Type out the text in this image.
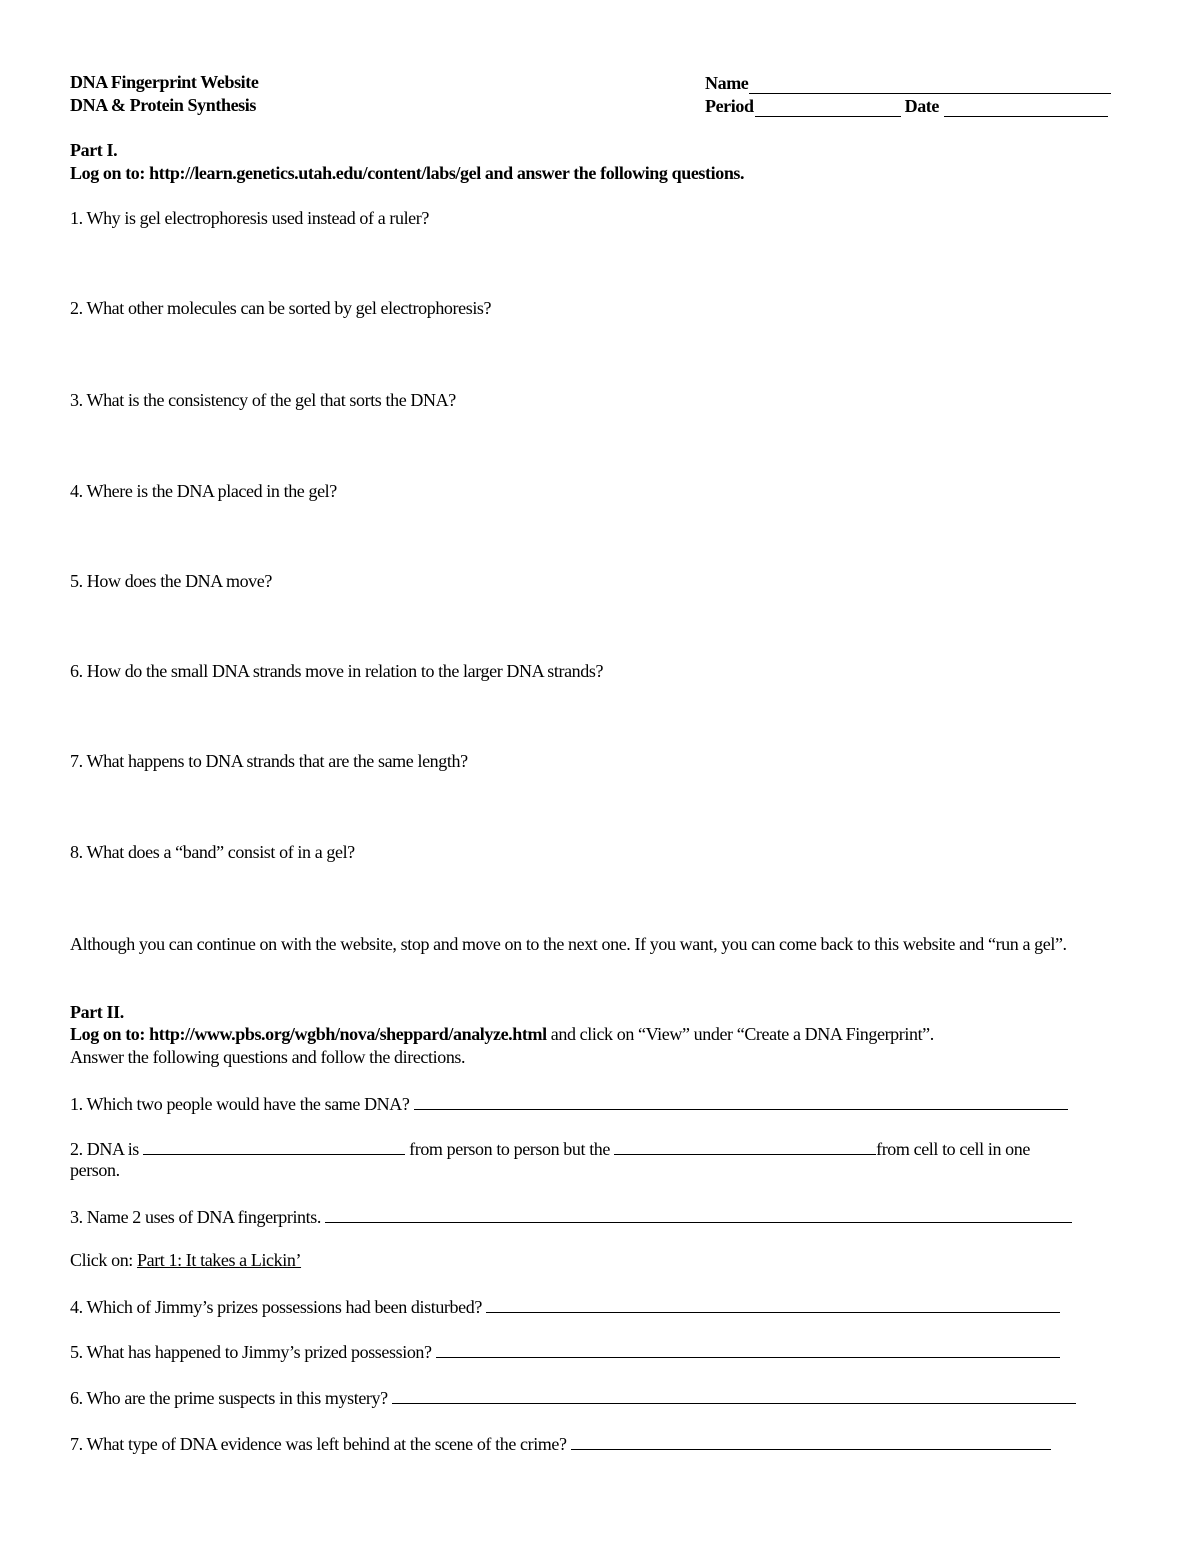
DNA Fingerprint Website
DNA & Protein Synthesis
Name
Period	Date
Part I.
Log on to: http://learn.genetics.utah.edu/content/labs/gel and answer the following questions.
1. Why is gel electrophoresis used instead of a ruler?
2. What other molecules can be sorted by gel electrophoresis?
3. What is the consistency of the gel that sorts the DNA?
4. Where is the DNA placed in the gel?
5. How does the DNA move?
6. How do the small DNA strands move in relation to the larger DNA strands?
7. What happens to DNA strands that are the same length?
8. What does a “band” consist of in a gel?
Although you can continue on with the website, stop and move on to the next one. If you want, you can come back to this website and “run a gel”.
Part II.
Log on to: http://www.pbs.org/wgbh/nova/sheppard/analyze.html and click on “View” under “Create a DNA Fingerprint”.
Answer the following questions and follow the directions.
1. Which two people would have the same DNA?
2. DNA is	from person to person but the	from cell to cell in one
person.
3. Name 2 uses of DNA fingerprints.
Click on: Part 1: It takes a Lickin’
4. Which of Jimmy’s prizes possessions had been disturbed?
5. What has happened to Jimmy’s prized possession?
6. Who are the prime suspects in this mystery?
7. What type of DNA evidence was left behind at the scene of the crime?
